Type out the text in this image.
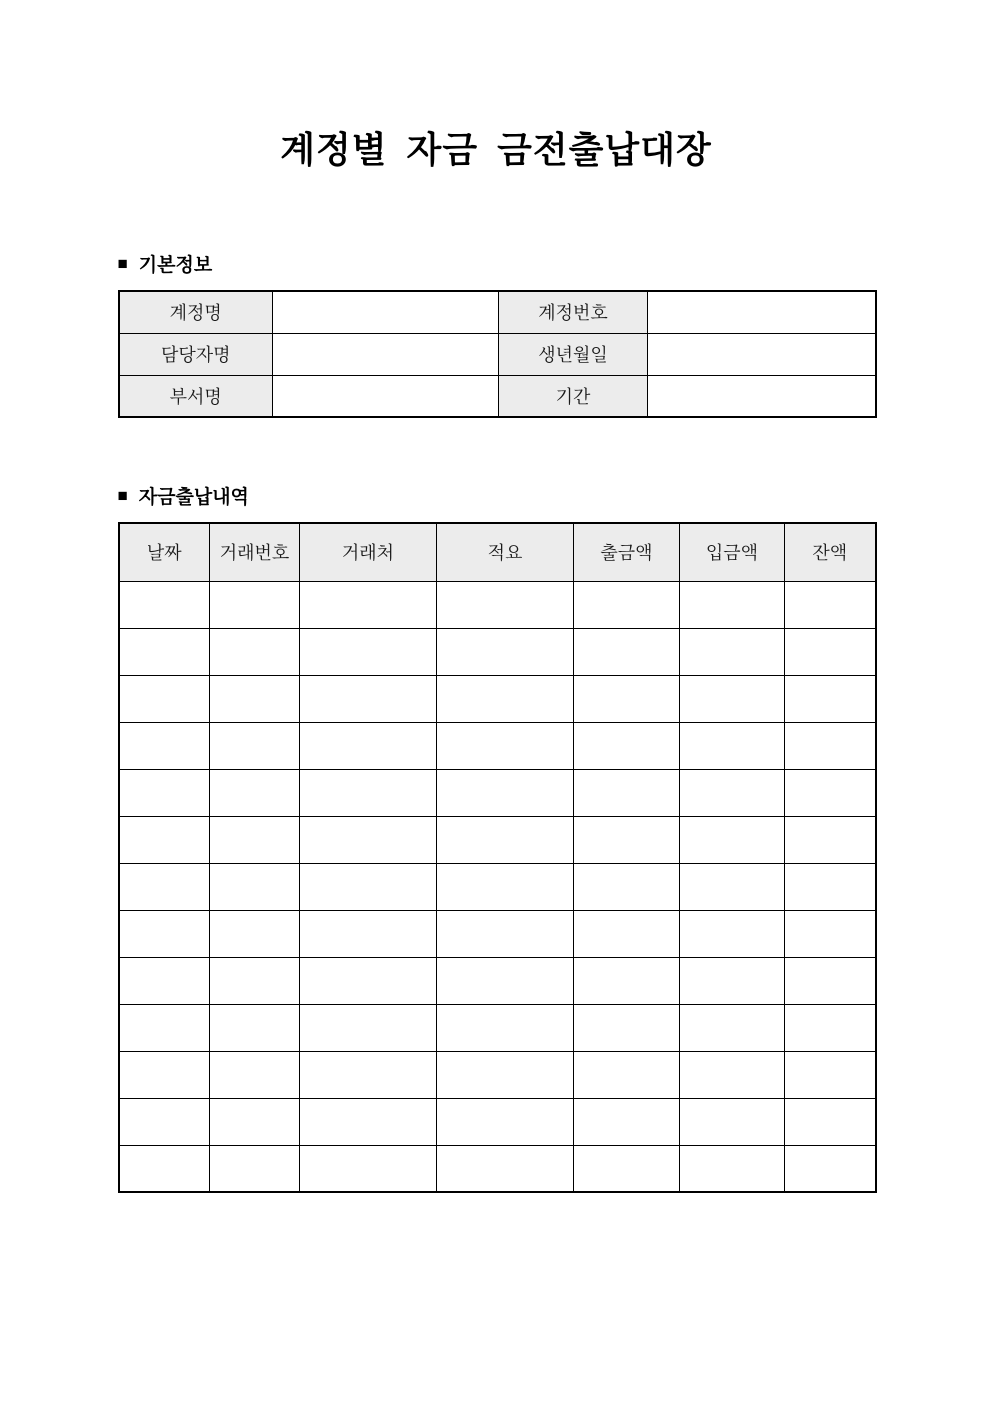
계정별 자금 금전출납대장
■ 기본정보
계정명		계정번호	
담당자명		생년월일	
부서명		기간	
■ 자금출납내역
날짜	거래번호	거래처	적요	출금액	입금액	잔액
